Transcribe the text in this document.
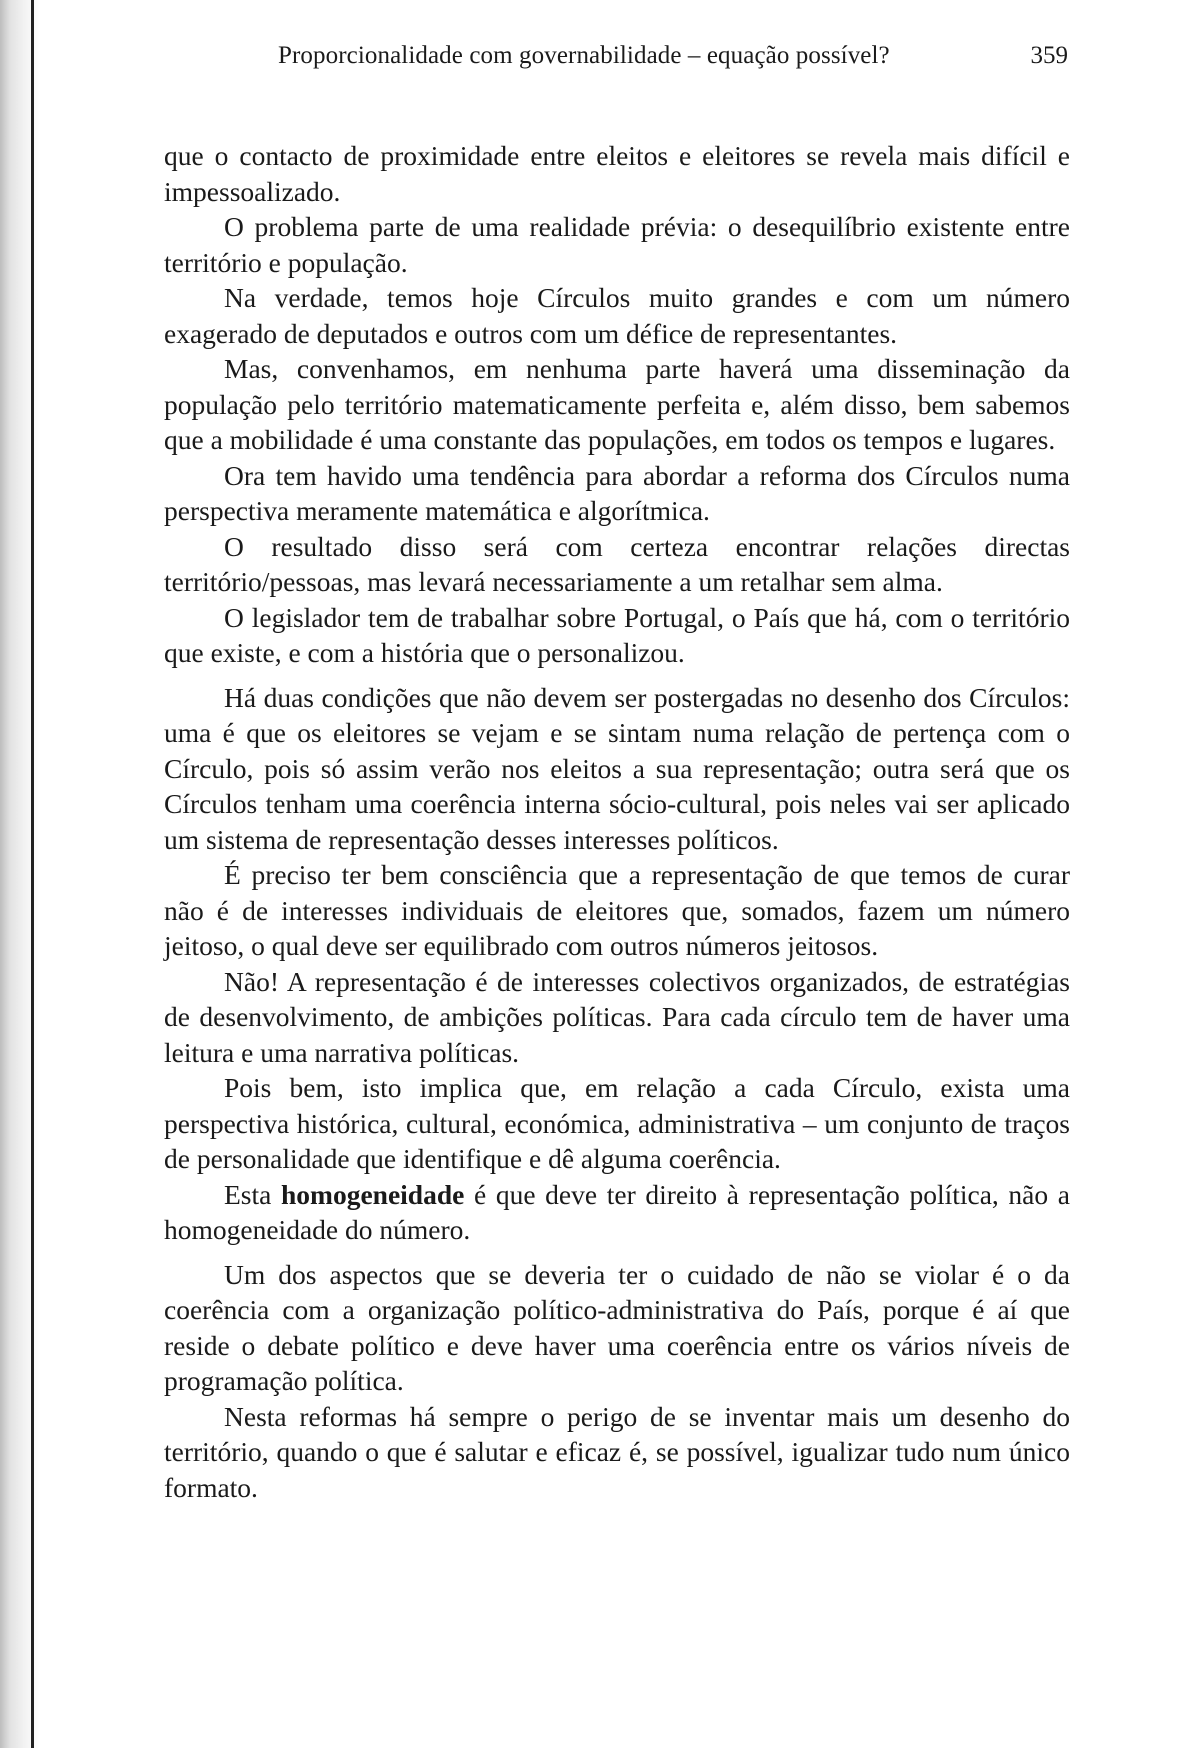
Proporcionalidade com governabilidade – equação possível?	359

que o contacto de proximidade entre eleitos e eleitores se revela mais difícil e impessoalizado.

O problema parte de uma realidade prévia: o desequilíbrio existente entre território e população.

Na verdade, temos hoje Círculos muito grandes e com um número exagerado de deputados e outros com um défice de representantes.

Mas, convenhamos, em nenhuma parte haverá uma disseminação da população pelo território matematicamente perfeita e, além disso, bem sabemos que a mobilidade é uma constante das populações, em todos os tempos e lugares.

Ora tem havido uma tendência para abordar a reforma dos Círculos numa perspectiva meramente matemática e algorítmica.

O resultado disso será com certeza encontrar relações directas território/pessoas, mas levará necessariamente a um retalhar sem alma.

O legislador tem de trabalhar sobre Portugal, o País que há, com o território que existe, e com a história que o personalizou.

Há duas condições que não devem ser postergadas no desenho dos Círculos: uma é que os eleitores se vejam e se sintam numa relação de pertença com o Círculo, pois só assim verão nos eleitos a sua representação; outra será que os Círculos tenham uma coerência interna sócio-cultural, pois neles vai ser aplicado um sistema de representação desses interesses políticos.

É preciso ter bem consciência que a representação de que temos de curar não é de interesses individuais de eleitores que, somados, fazem um número jeitoso, o qual deve ser equilibrado com outros números jeitosos.

Não! A representação é de interesses colectivos organizados, de estratégias de desenvolvimento, de ambições políticas. Para cada círculo tem de haver uma leitura e uma narrativa políticas.

Pois bem, isto implica que, em relação a cada Círculo, exista uma perspectiva histórica, cultural, económica, administrativa – um conjunto de traços de personalidade que identifique e dê alguma coerência.

Esta homogeneidade é que deve ter direito à representação política, não a homogeneidade do número.

Um dos aspectos que se deveria ter o cuidado de não se violar é o da coerência com a organização político-administrativa do País, porque é aí que reside o debate político e deve haver uma coerência entre os vários níveis de programação política.

Nesta reformas há sempre o perigo de se inventar mais um desenho do território, quando o que é salutar e eficaz é, se possível, igualizar tudo num único formato.
